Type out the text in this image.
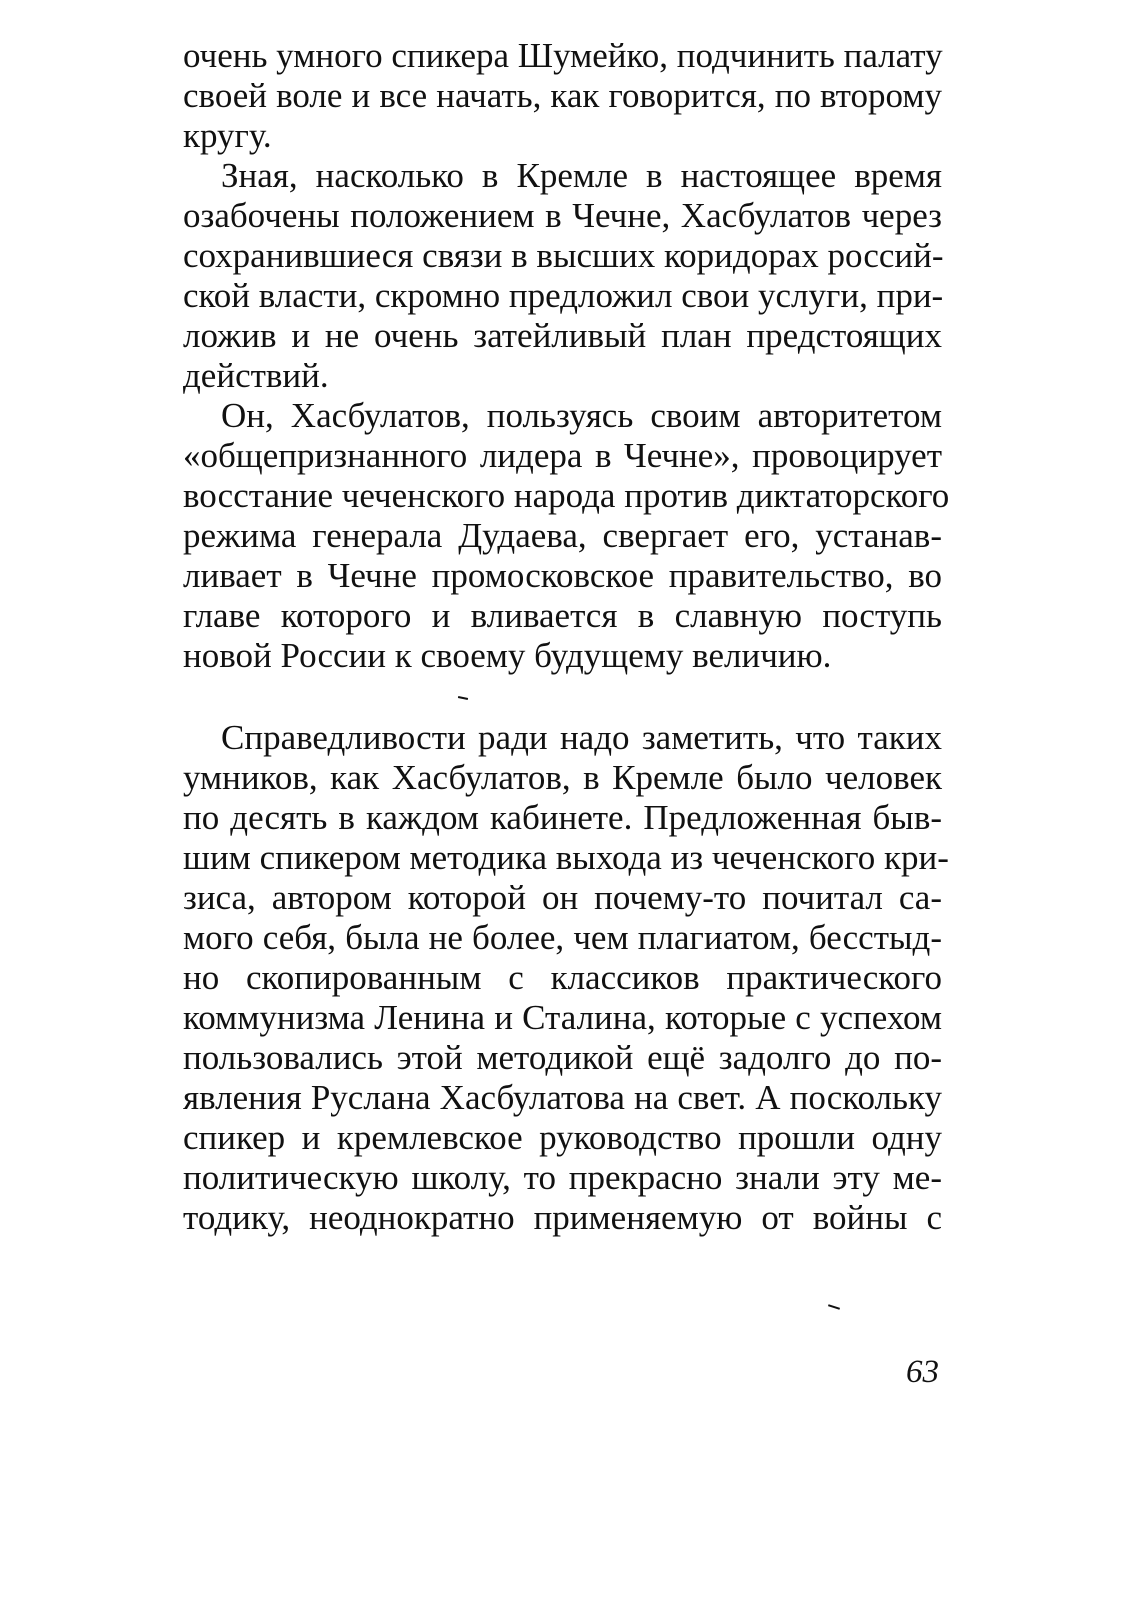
очень умного спикера Шумейко, подчинить палату
своей воле и все начать, как говорится, по второму
кругу.
Зная, насколько в Кремле в настоящее время
озабочены положением в Чечне, Хасбулатов через
сохранившиеся связи в высших коридорах россий-
ской власти, скромно предложил свои услуги, при-
ложив и не очень затейливый план предстоящих
действий.
Он, Хасбулатов, пользуясь своим авторитетом
«общепризнанного лидера в Чечне», провоцирует
восстание чеченского народа против диктаторского
режима генерала Дудаева, свергает его, устанав-
ливает в Чечне промосковское правительство, во
главе которого и вливается в славную поступь
новой России к своему будущему величию.
Справедливости ради надо заметить, что таких
умников, как Хасбулатов, в Кремле было человек
по десять в каждом кабинете. Предложенная быв-
шим спикером методика выхода из чеченского кри-
зиса, автором которой он почему-то почитал са-
мого себя, была не более, чем плагиатом, бесстыд-
но скопированным с классиков практического
коммунизма Ленина и Сталина, которые с успехом
пользовались этой методикой ещё задолго до по-
явления Руслана Хасбулатова на свет. А поскольку
спикер и кремлевское руководство прошли одну
политическую школу, то прекрасно знали эту ме-
тодику, неоднократно применяемую от войны с
63
